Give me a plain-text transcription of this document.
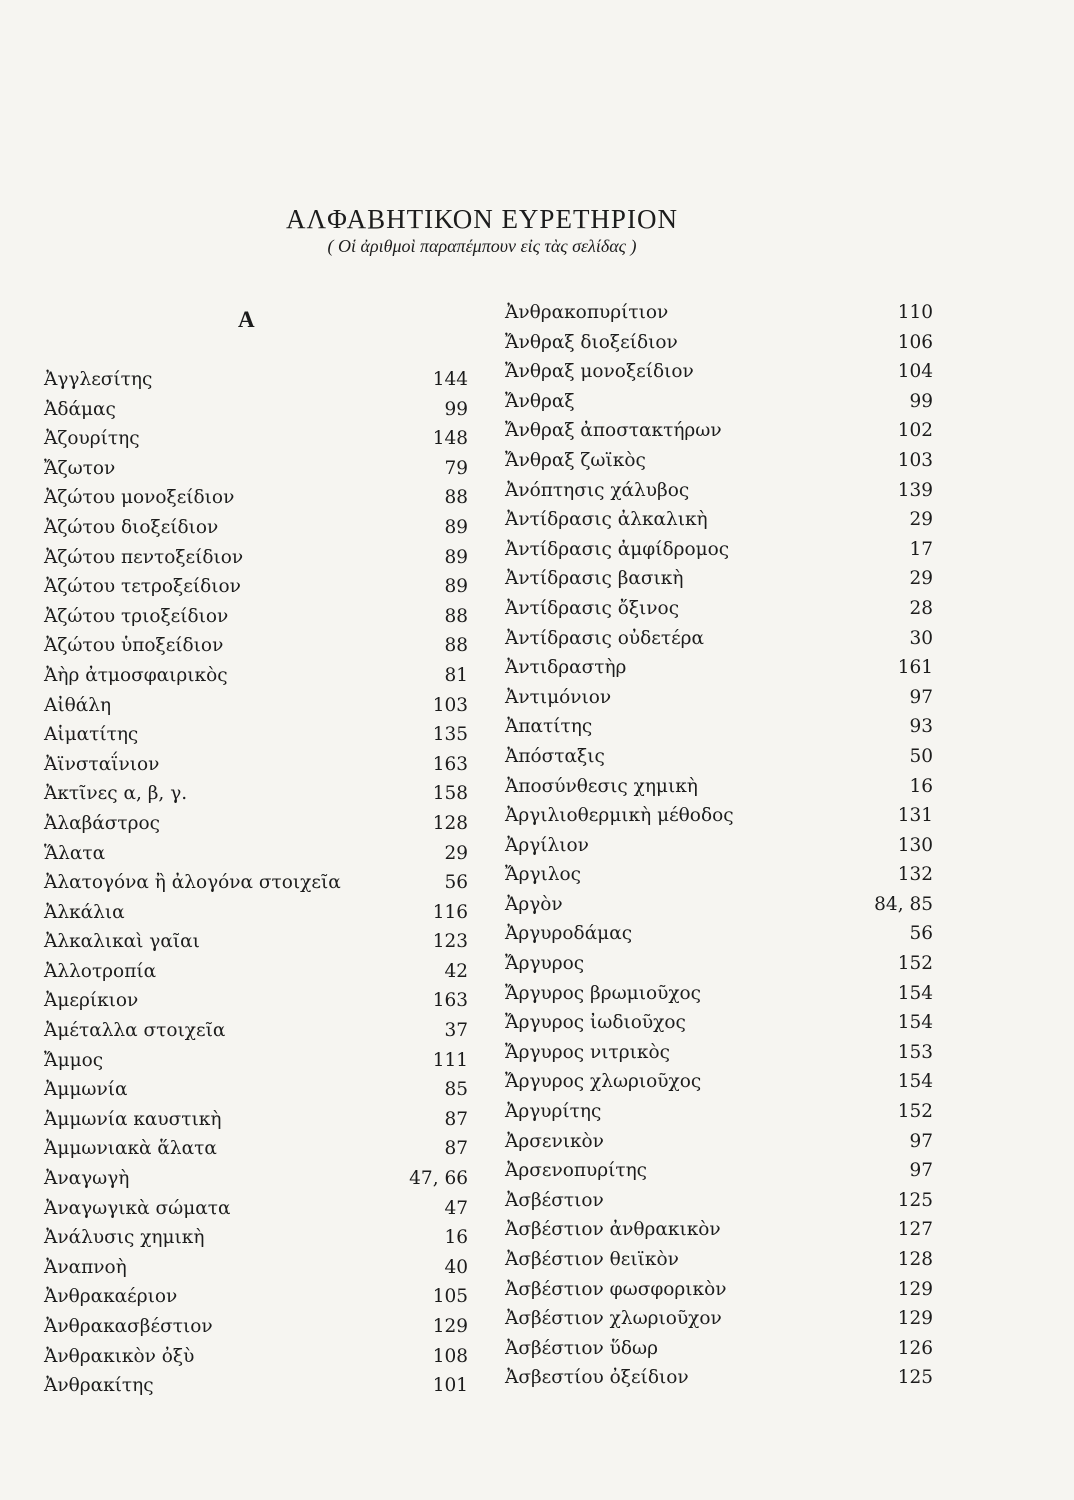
ΑΛΦΑΒΗΤΙΚΟΝ ΕΥΡΕΤΗΡΙΟΝ
( Οἱ ἀριθμοὶ παραπέμπουν εἰς τὰς σελίδας )
Α
Ἀγγλεσίτης	144
Ἀδάμας	99
Ἀζουρίτης	148
Ἄζωτον	79
Ἀζώτου μονοξείδιον	88
Ἀζώτου διοξείδιον	89
Ἀζώτου πεντοξείδιον	89
Ἀζώτου τετροξείδιον	89
Ἀζώτου τριοξείδιον	88
Ἀζώτου ὑποξείδιον	88
Ἀὴρ ἀτμοσφαιρικὸς	81
Αἰθάλη	103
Αἱματίτης	135
Ἀϊνσταΐνιον	163
Ἀκτῖνες α, β, γ.	158
Ἀλαβάστρος	128
Ἅλατα	29
Ἀλατογόνα ἢ ἀλογόνα στοιχεῖα	56
Ἀλκάλια	116
Ἀλκαλικαὶ γαῖαι	123
Ἀλλοτροπία	42
Ἀμερίκιον	163
Ἀμέταλλα στοιχεῖα	37
Ἄμμος	111
Ἀμμωνία	85
Ἀμμωνία καυστικὴ	87
Ἀμμωνιακὰ ἅλατα	87
Ἀναγωγὴ	47, 66
Ἀναγωγικὰ σώματα	47
Ἀνάλυσις χημικὴ	16
Ἀναπνοὴ	40
Ἀνθρακαέριον	105
Ἀνθρακασβέστιον	129
Ἀνθρακικὸν ὀξὺ	108
Ἀνθρακίτης	101
Ἀνθρακοπυρίτιον	110
Ἄνθραξ διοξείδιον	106
Ἄνθραξ μονοξείδιον	104
Ἄνθραξ	99
Ἄνθραξ ἀποστακτήρων	102
Ἄνθραξ ζωϊκὸς	103
Ἀνόπτησις χάλυβος	139
Ἀντίδρασις ἀλκαλικὴ	29
Ἀντίδρασις ἀμφίδρομος	17
Ἀντίδρασις βασικὴ	29
Ἀντίδρασις ὄξινος	28
Ἀντίδρασις οὐδετέρα	30
Ἀντιδραστὴρ	161
Ἀντιμόνιον	97
Ἀπατίτης	93
Ἀπόσταξις	50
Ἀποσύνθεσις χημικὴ	16
Ἀργιλιοθερμικὴ μέθοδος	131
Ἀργίλιον	130
Ἄργιλος	132
Ἀργὸν	84, 85
Ἀργυροδάμας	56
Ἄργυρος	152
Ἄργυρος βρωμιοῦχος	154
Ἄργυρος ἰωδιοῦχος	154
Ἄργυρος νιτρικὸς	153
Ἄργυρος χλωριοῦχος	154
Ἀργυρίτης	152
Ἀρσενικὸν	97
Ἀρσενοπυρίτης	97
Ἀσβέστιον	125
Ἀσβέστιον ἀνθρακικὸν	127
Ἀσβέστιον θειϊκὸν	128
Ἀσβέστιον φωσφορικὸν	129
Ἀσβέστιον χλωριοῦχον	129
Ἀσβέστιον ὕδωρ	126
Ἀσβεστίου ὀξείδιον	125
